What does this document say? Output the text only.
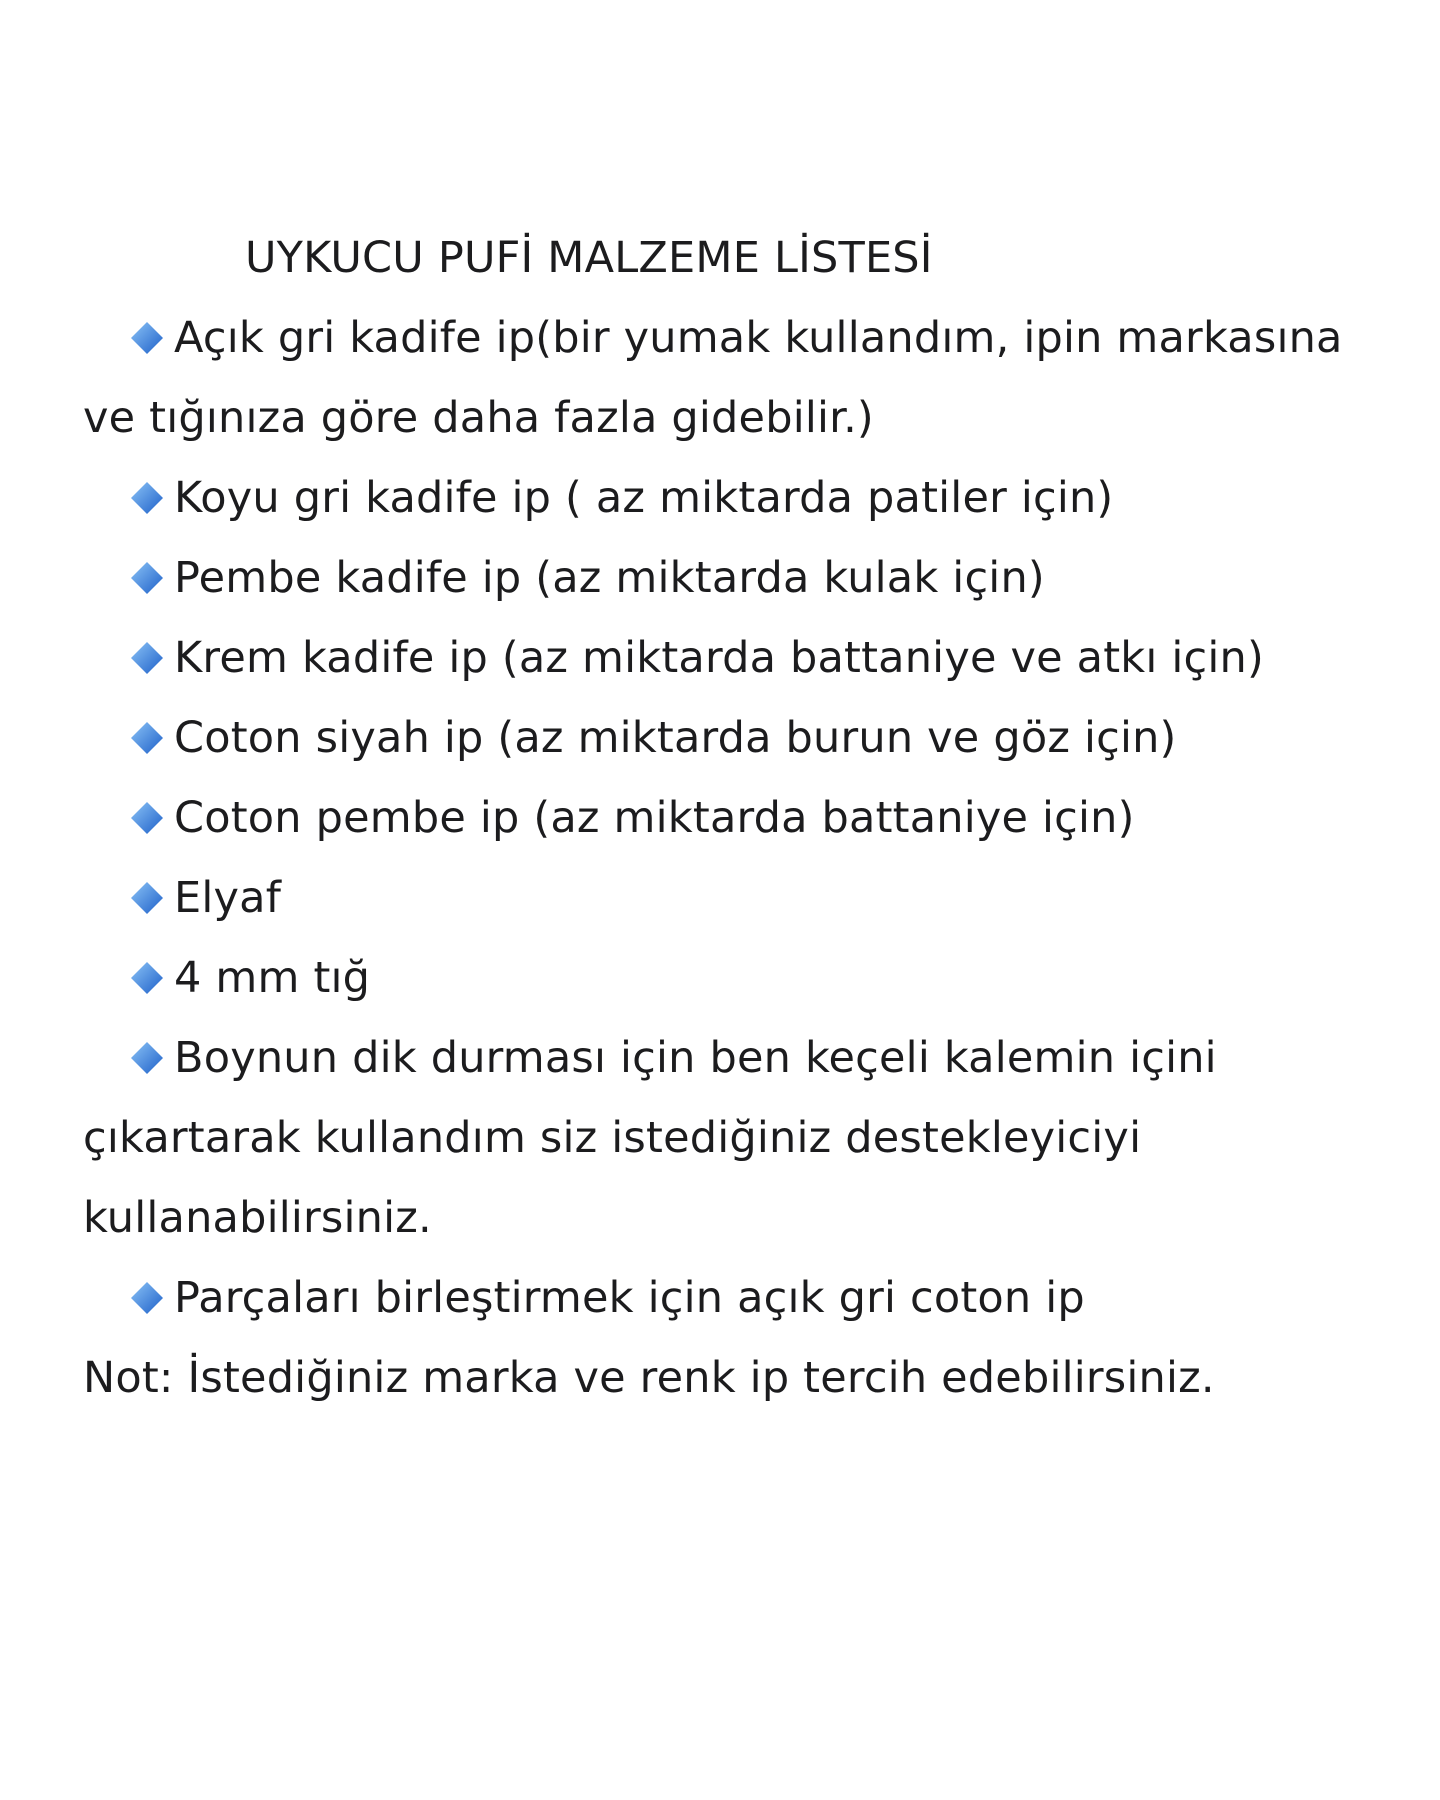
UYKUCU PUFİ MALZEME LİSTESİ

Açık gri kadife ip(bir yumak kullandım, ipin markasına ve tığınıza göre daha fazla gidebilir.)

Koyu gri kadife ip ( az miktarda patiler için)

Pembe kadife ip (az miktarda kulak için)

Krem kadife ip (az miktarda battaniye ve atkı için)

Coton siyah ip (az miktarda burun ve göz için)

Coton pembe ip (az miktarda battaniye için)

Elyaf

4 mm tığ

Boynun dik durması için ben keçeli kalemin içini çıkartarak kullandım siz istediğiniz destekleyiciyi kullanabilirsiniz.

Parçaları birleştirmek için açık gri coton ip

Not: İstediğiniz marka ve renk ip tercih edebilirsiniz.
